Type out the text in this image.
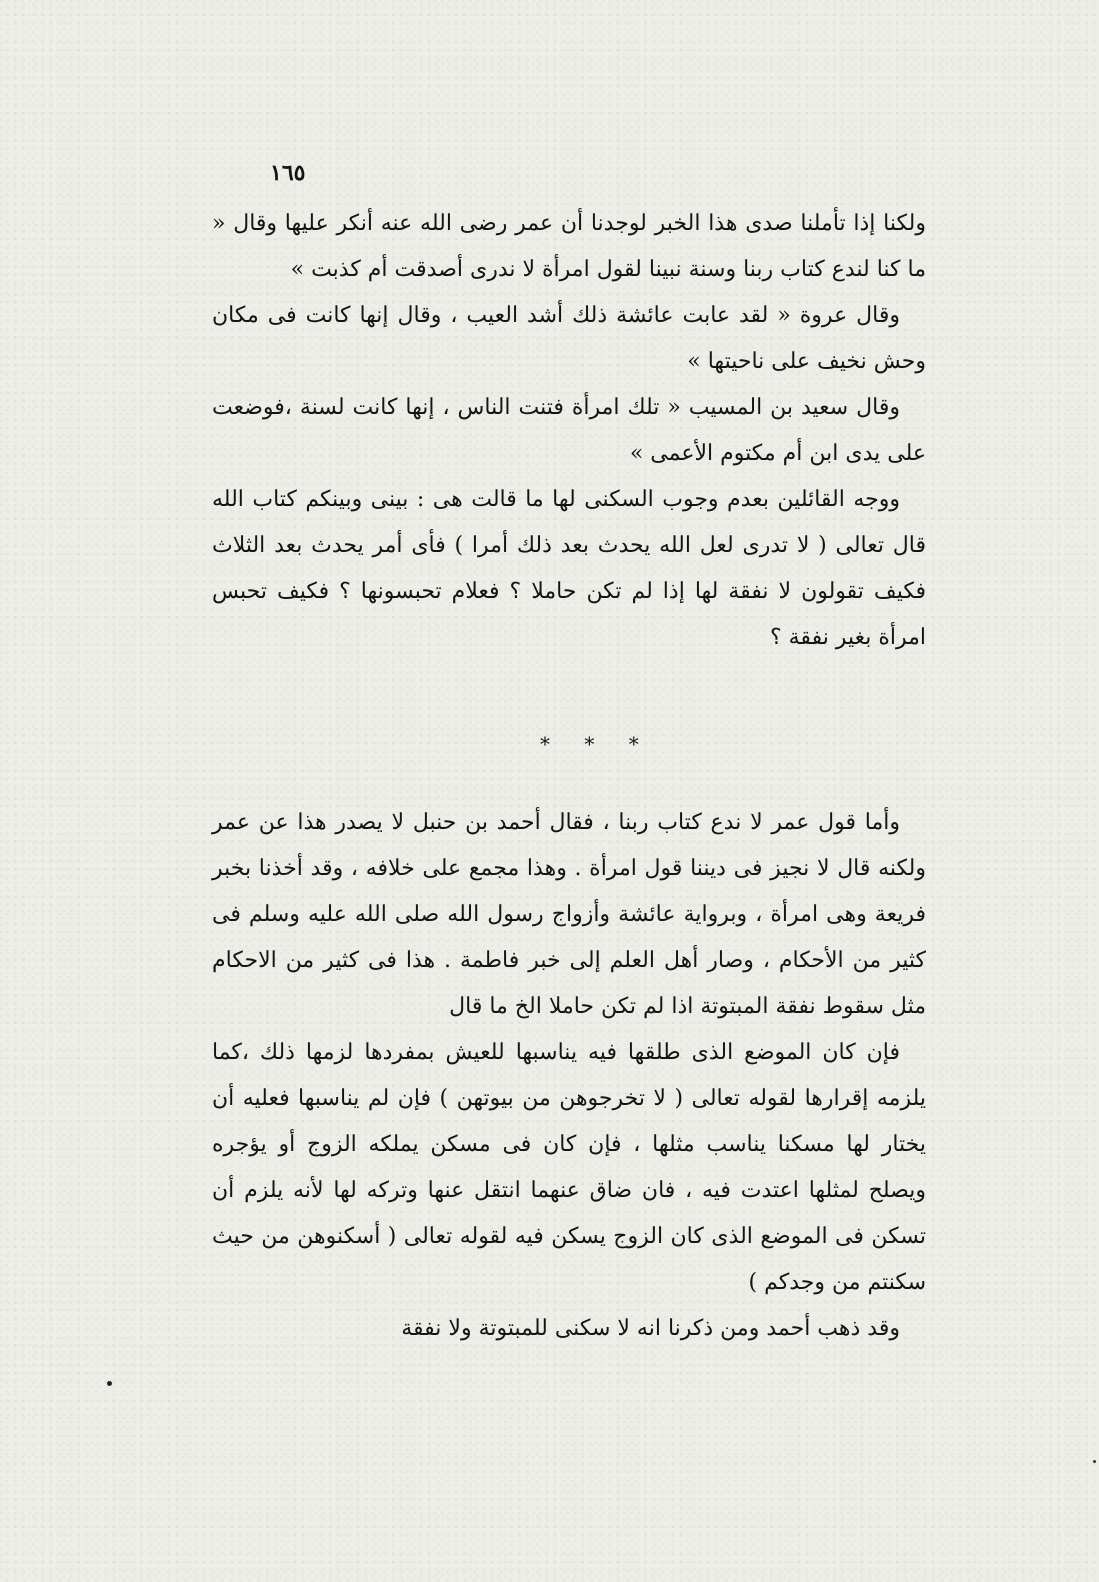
١٦٥

ولكنا إذا تأملنا صدى هذا الخبر لوجدنا أن عمر رضى الله عنه أنكر عليها وقال « ما كنا لندع كتاب ربنا وسنة نبينا لقول امرأة لا ندرى أصدقت أم كذبت »

وقال عروة « لقد عابت عائشة ذلك أشد العيب ، وقال إنها كانت فى مكان وحش نخيف على ناحيتها »

وقال سعيد بن المسيب « تلك امرأة فتنت الناس ، إنها كانت لسنة ،فوضعت على يدى ابن أم مكتوم الأعمى »

ووجه القائلين بعدم وجوب السكنى لها ما قالت هى : بينى وبينكم كتاب الله قال تعالى ( لا تدرى لعل الله يحدث بعد ذلك أمرا ) فأى أمر يحدث بعد الثلاث فكيف تقولون لا نفقة لها إذا لم تكن حاملا ؟ فعلام تحبسونها ؟ فكيف تحبس امرأة بغير نفقة ؟

* * *

وأما قول عمر لا ندع كتاب ربنا ، فقال أحمد بن حنبل لا يصدر هذا عن عمر ولكنه قال لا نجيز فى ديننا قول امرأة . وهذا مجمع على خلافه ، وقد أخذنا بخبر فريعة وهى امرأة ، وبرواية عائشة وأزواج رسول الله صلى الله عليه وسلم فى كثير من الأحكام ، وصار أهل العلم إلى خبر فاطمة . هذا فى كثير من الاحكام مثل سقوط نفقة المبتوتة اذا لم تكن حاملا الخ ما قال

فإن كان الموضع الذى طلقها فيه يناسبها للعيش بمفردها لزمها ذلك ،كما يلزمه إقرارها لقوله تعالى ( لا تخرجوهن من بيوتهن ) فإن لم يناسبها فعليه أن يختار لها مسكنا يناسب مثلها ، فإن كان فى مسكن يملكه الزوج أو يؤجره ويصلح لمثلها اعتدت فيه ، فان ضاق عنهما انتقل عنها وتركه لها لأنه يلزم أن تسكن فى الموضع الذى كان الزوج يسكن فيه لقوله تعالى ( أسكنوهن من حيث سكنتم من وجدكم )

وقد ذهب أحمد ومن ذكرنا انه لا سكنى للمبتوتة ولا نفقة
